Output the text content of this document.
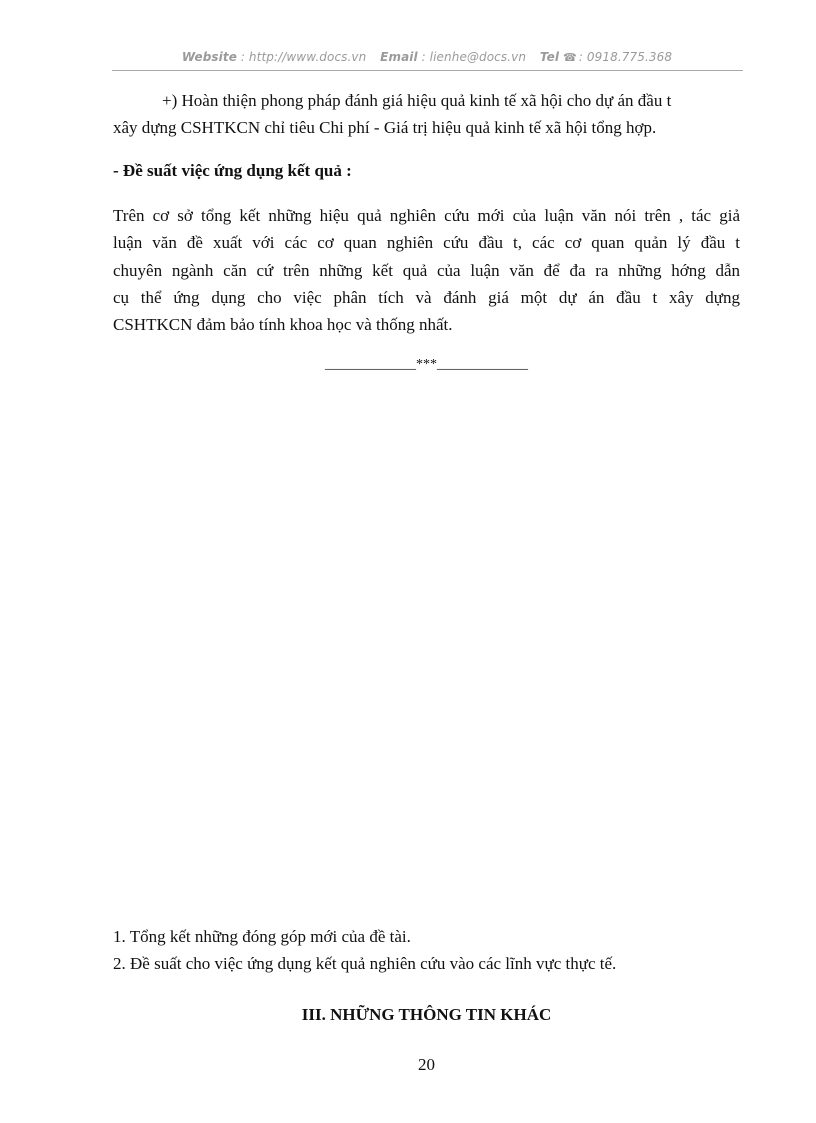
Website : http://www.docs.vn Email : lienhe@docs.vn Tel ☎ : 0918.775.368
+) Hoàn thiện phong pháp đánh giá hiệu quả kinh tế xã hội cho dự án đầu t
xây dựng CSHTKCN chỉ tiêu Chi phí - Giá trị hiệu quả kinh tế xã hội tổng hợp.
- Đề suất việc ứng dụng kết quả :
Trên cơ sở tổng kết những hiệu quả nghiên cứu mới của luận văn nói trên , tác giả
luận văn đề xuất với các cơ quan nghiên cứu đầu t, các cơ quan quản lý đầu t
chuyên ngành căn cứ trên những kết quả của luận văn để đa ra những hớng dẫn
cụ thể ứng dụng cho việc phân tích và đánh giá một dự án đầu t xây dựng
CSHTKCN đảm bảo tính khoa học và thống nhất.
_____________***_____________
1. Tổng kết những đóng góp mới của đề tài.
2. Đề suất cho việc ứng dụng kết quả nghiên cứu vào các lĩnh vực thực tế.
III. NHỮNG THÔNG TIN KHÁC
20
